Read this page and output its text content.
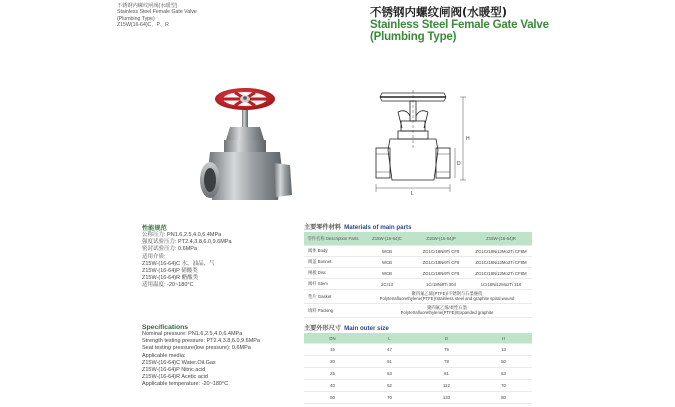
不锈钢内螺纹闸阀(水暖型)
Stainless Steel Female Gate Valve
(Plumbing Type)
Z15W(16-64)C、P、R
不锈钢内螺纹闸阀(水暖型)
Stainless Steel Female Gate Valve
(Plumbing Type)
H
D
L
性能规范
公称压力: PN1.6,2.5,4.0,6.4MPa
强度试验压力: PT2.4,3.8,6.0,9.6MPa
密封试验压力: 0.6MPa
适用介质:
Z15W-(16-64)C 水、油品、气
Z15W-(16-64)P 硝酸类
Z15W-(16-64)R 醋酸类
适用温度: -20~180°C
Specifications
Nominal pressure: PN1.6,2.5,4.0,6.4MPa
Strength testing pressure: PT2.4,3.8,6.0,9.6MPa
Seat testing pressure(low pressure): 0.6MPa
Applicable media:
Z15W-(16-64)C Water.Oil.Gas
Z15W-(16-64)P Nitric acid
Z15W-(16-64)R Acetic acid
Applicable temperature: -20~180°C
主要零件材料 Materials of main parts
零件名称 Description Parts	Z15W-(16-64)C	Z15W-(16-64)P	Z15W-(16-64)R
阀体 Body	WCB	ZG1Cr18Ni9Ti CF8	ZG1Cr18Ni12Mo2Ti CF8M
阀盖 Bonnet	WCB	ZG1Cr18Ni9Ti CF8	ZG1Cr18Ni12Mo2Ti CF8M
闸板 Disc	WCB	ZG1Cr18Ni9Ti CF8	ZG1Cr18Ni12Mo2Ti CF8M
阀杆 Stem	2Cr13	1Cr18Ni9Ti 304	1Cr18Ni12Mo2Ti 316
垫片 Gasket	聚四氟乙烯(PTFE)/不锈钢与石墨缠绕
Polytetrafluorethylene(PTFE)/Stainless steel and graphite spiral wound		

填料 Packing	聚四氟乙烯/柔性石墨
Polytetrafluorethylene(PTFE)/Expanded graphite		
主要外形尺寸 Main outer size
DN	L	D	H
15	47	75	13
20	51	78	50
25	53	81	63
40	62	112	70
50	70	133	80
